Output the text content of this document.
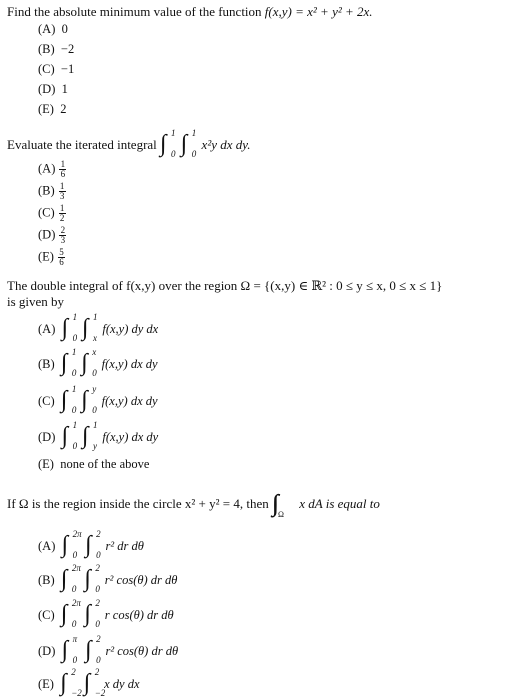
Find the absolute minimum value of the function f(x,y) = x² + y² + 2x.
(A) 0
(B) −2
(C) −1
(D) 1
(E) 2
Evaluate the iterated integral ∫ 1
0 ∫ 1
0
x²y dx dy.
$(A) \frac{1}{6}$
$(B) \frac{1}{3}$
$(C) \frac{1}{2}$
$(D) \frac{2}{3}$
$(E) \frac{5}{6}$
The double integral of f(x,y) over the region Ω = {(x,y) ∈ ℝ² : 0 ≤ y ≤ x, 0 ≤ x ≤ 1}
is given by
(A) ∫ 1
0 ∫ 1
x
f(x,y) dy dx
(B) ∫ 1
0 ∫ x
0
f(x,y) dx dy
(C) ∫ 1
0 ∫ y
0
f(x,y) dx dy
(D) ∫ 1
0 ∫ 1
y
f(x,y) dx dy
(E) none of the above
If Ω is the region inside the circle x² + y² = 4, then ∫∫ Ω
x dA is equal to
(A) ∫ 2π
0 ∫ 2
0
r² dr dθ
(B) ∫ 2π
0 ∫ 2
0
r² cos(θ) dr dθ
(C) ∫ 2π
0 ∫ 2
0
r cos(θ) dr dθ
(D) ∫ π
0 ∫ 2
0
r² cos(θ) dr dθ
(E) ∫ 2
−2 ∫ 2
−2
x dy dx
